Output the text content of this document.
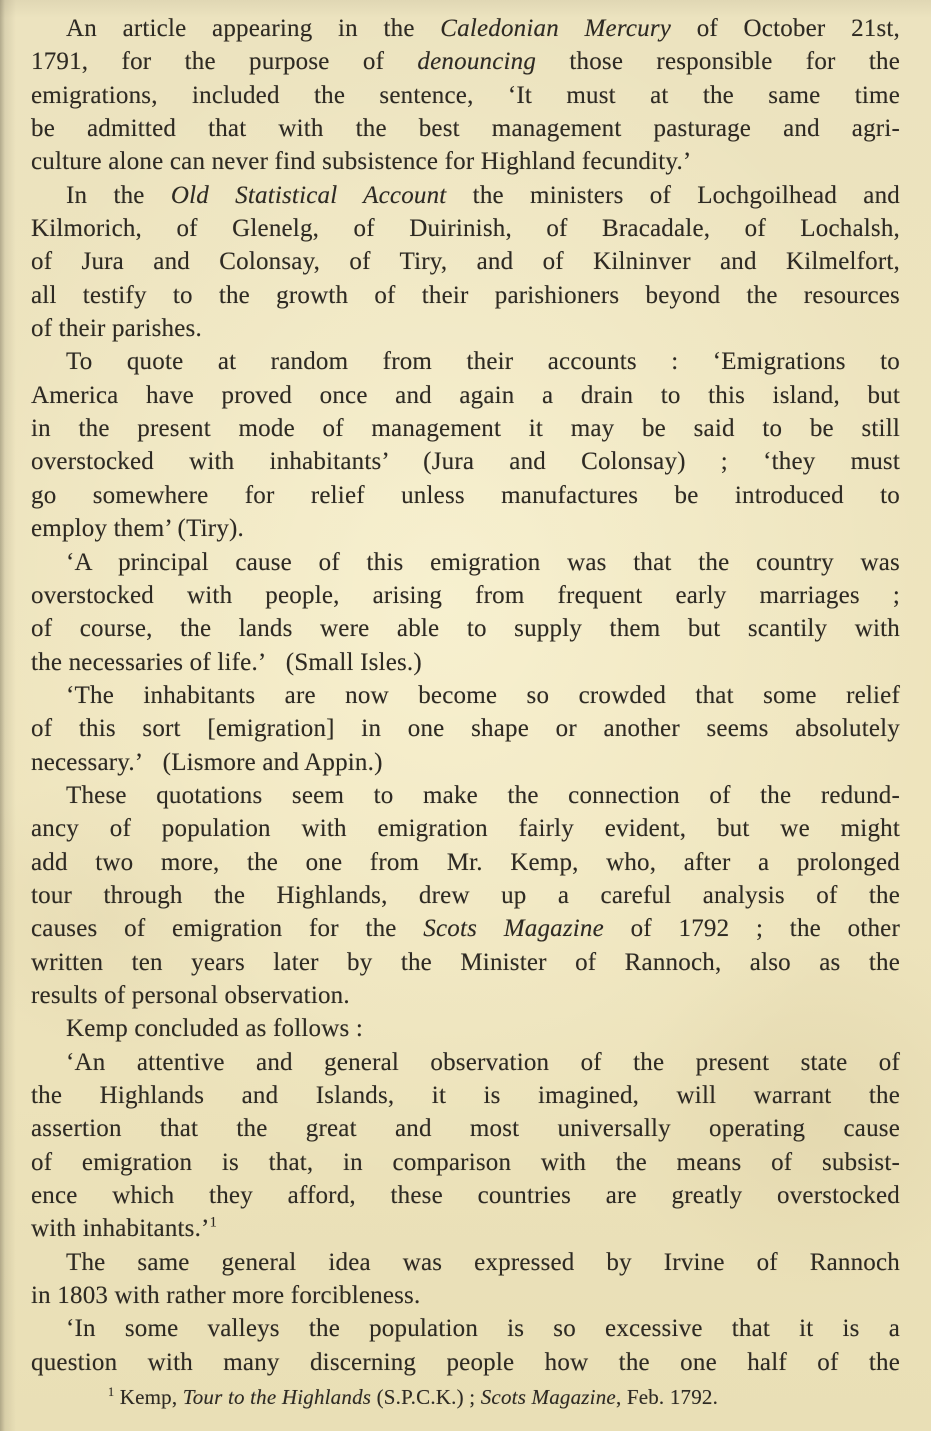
An article appearing in the Caledonian Mercury of October 21st,
1791, for the purpose of denouncing those responsible for the
emigrations, included the sentence, ‘It must at the same time
be admitted that with the best management pasturage and agri-
culture alone can never find subsistence for Highland fecundity.’
In the Old Statistical Account the ministers of Lochgoilhead and
Kilmorich, of Glenelg, of Duirinish, of Bracadale, of Lochalsh,
of Jura and Colonsay, of Tiry, and of Kilninver and Kilmelfort,
all testify to the growth of their parishioners beyond the resources
of their parishes.
To quote at random from their accounts : ‘Emigrations to
America have proved once and again a drain to this island, but
in the present mode of management it may be said to be still
overstocked with inhabitants’ (Jura and Colonsay) ; ‘they must
go somewhere for relief unless manufactures be introduced to
employ them’ (Tiry).
‘A principal cause of this emigration was that the country was
overstocked with people, arising from frequent early marriages ;
of course, the lands were able to supply them but scantily with
the necessaries of life.’   (Small Isles.)
‘The inhabitants are now become so crowded that some relief
of this sort [emigration] in one shape or another seems absolutely
necessary.’   (Lismore and Appin.)
These quotations seem to make the connection of the redund-
ancy of population with emigration fairly evident, but we might
add two more, the one from Mr. Kemp, who, after a prolonged
tour through the Highlands, drew up a careful analysis of the
causes of emigration for the Scots Magazine of 1792 ; the other
written ten years later by the Minister of Rannoch, also as the
results of personal observation.
Kemp concluded as follows :
‘An attentive and general observation of the present state of
the Highlands and Islands, it is imagined, will warrant the
assertion that the great and most universally operating cause
of emigration is that, in comparison with the means of subsist-
ence which they afford, these countries are greatly overstocked
with inhabitants.’$^1$
The same general idea was expressed by Irvine of Rannoch
in 1803 with rather more forcibleness.
‘In some valleys the population is so excessive that it is a
question with many discerning people how the one half of the
$^1$ Kemp, Tour to the Highlands (S.P.C.K.) ; Scots Magazine, Feb. 1792.
